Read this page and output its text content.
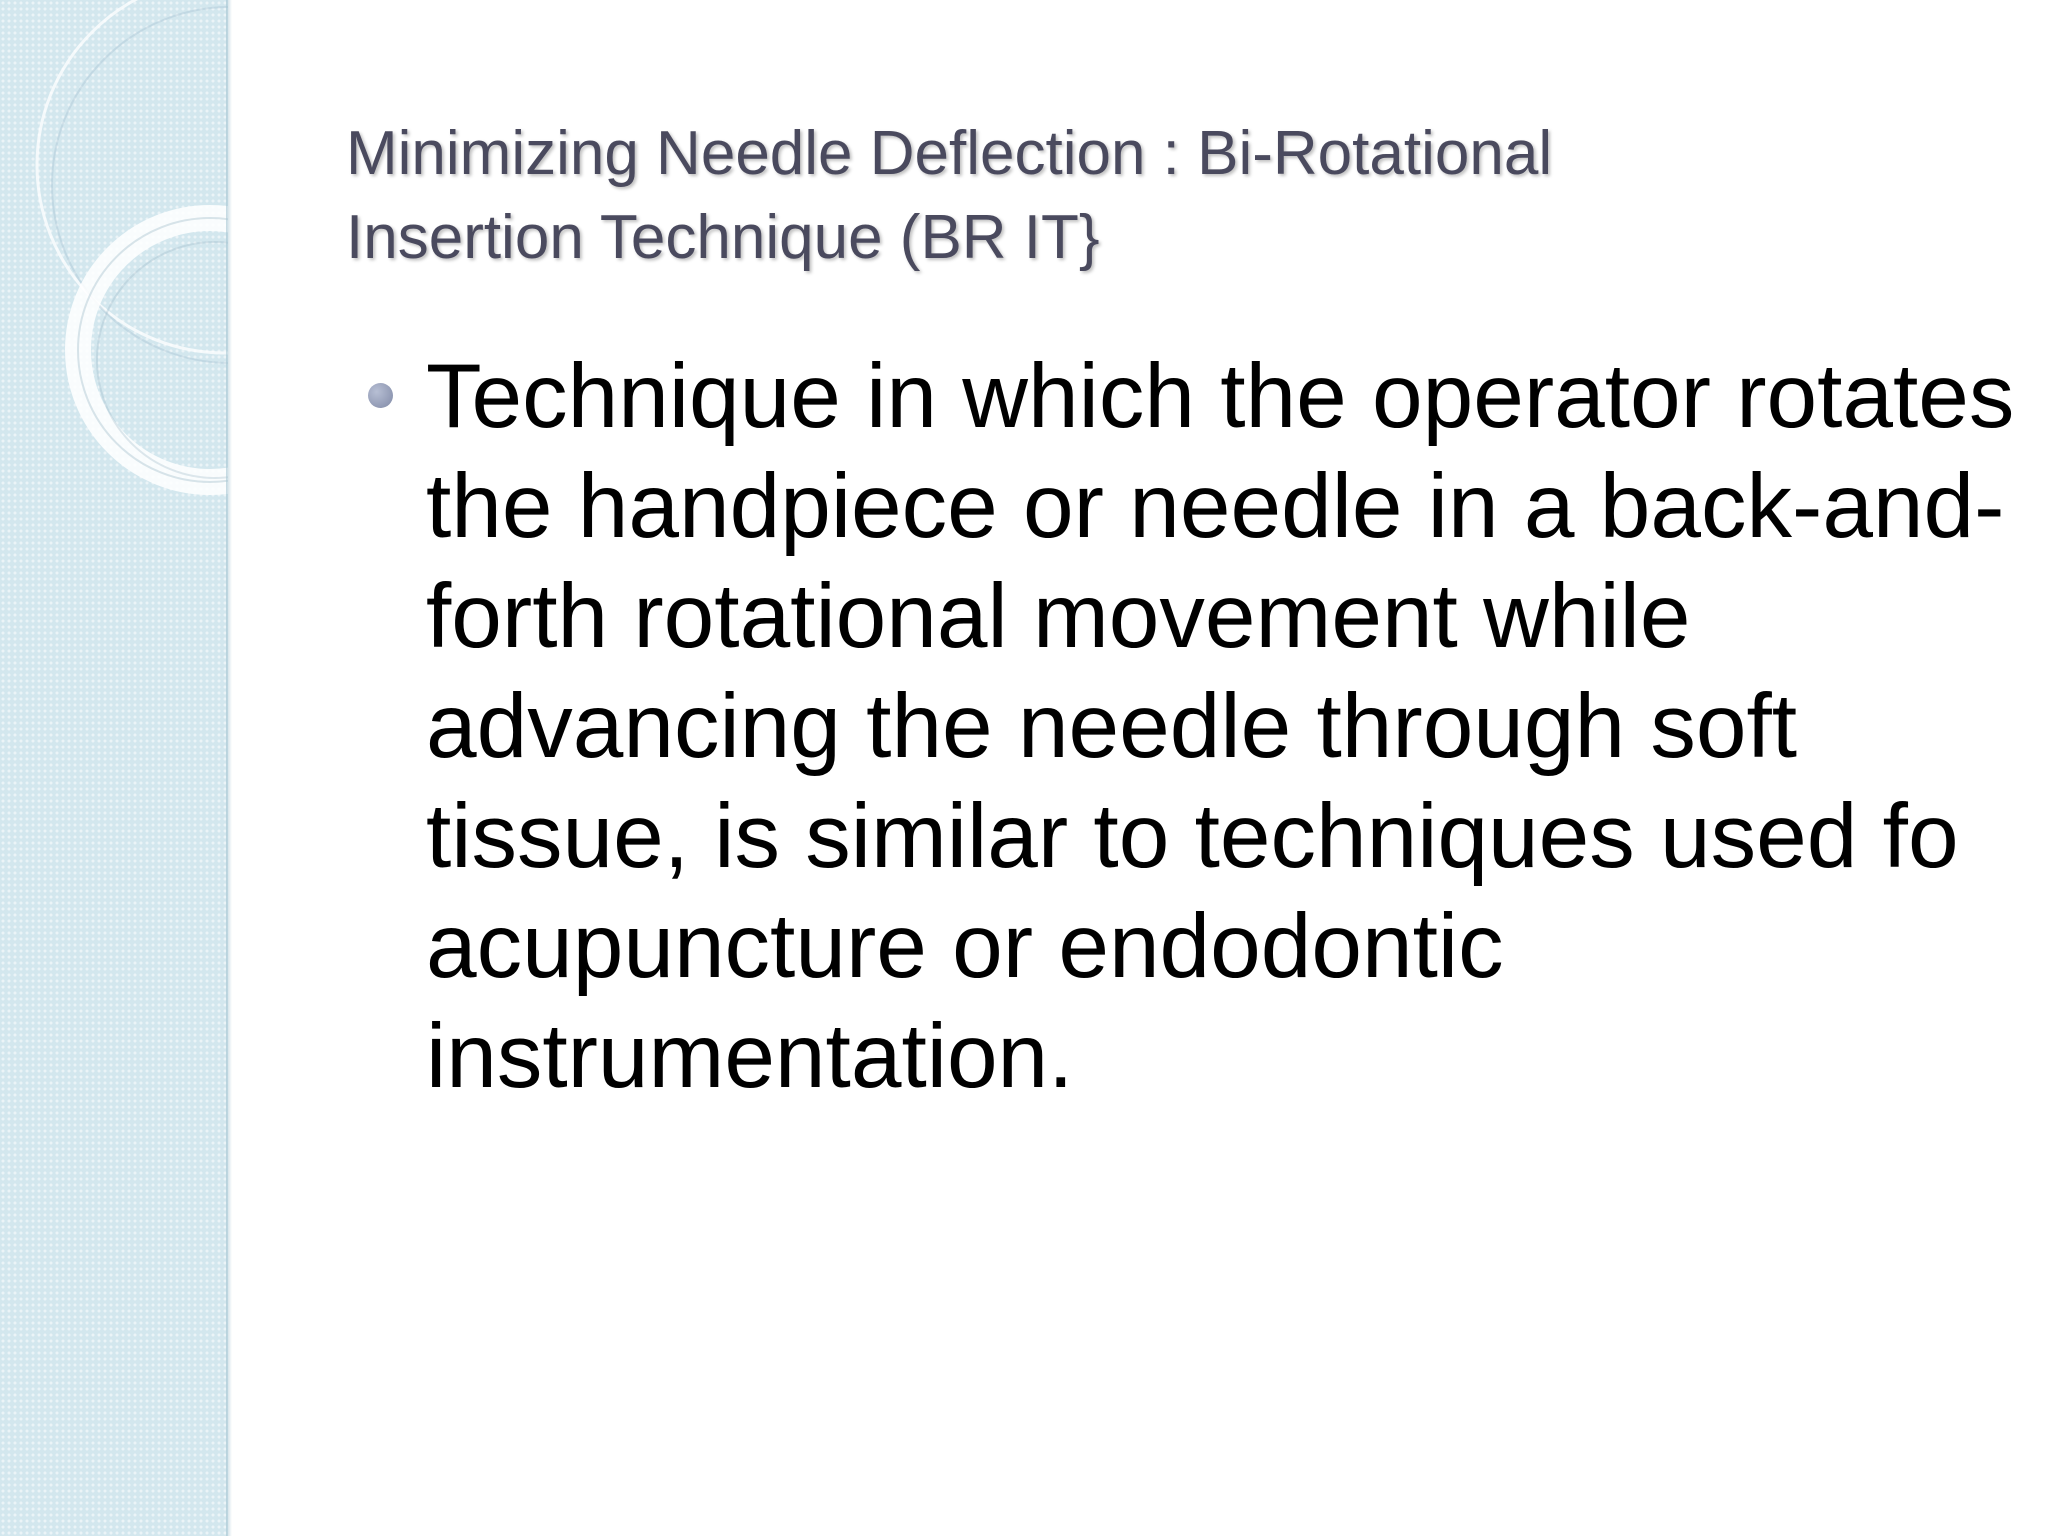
Minimizing Needle Deflection : Bi-Rotational
Insertion Technique (BR IT}
Technique in which the operator rotates the handpiece or needle in a back-and-forth rotational movement while advancing the needle through soft tissue, is similar to techniques used fo acupuncture or endodontic instrumentation.
